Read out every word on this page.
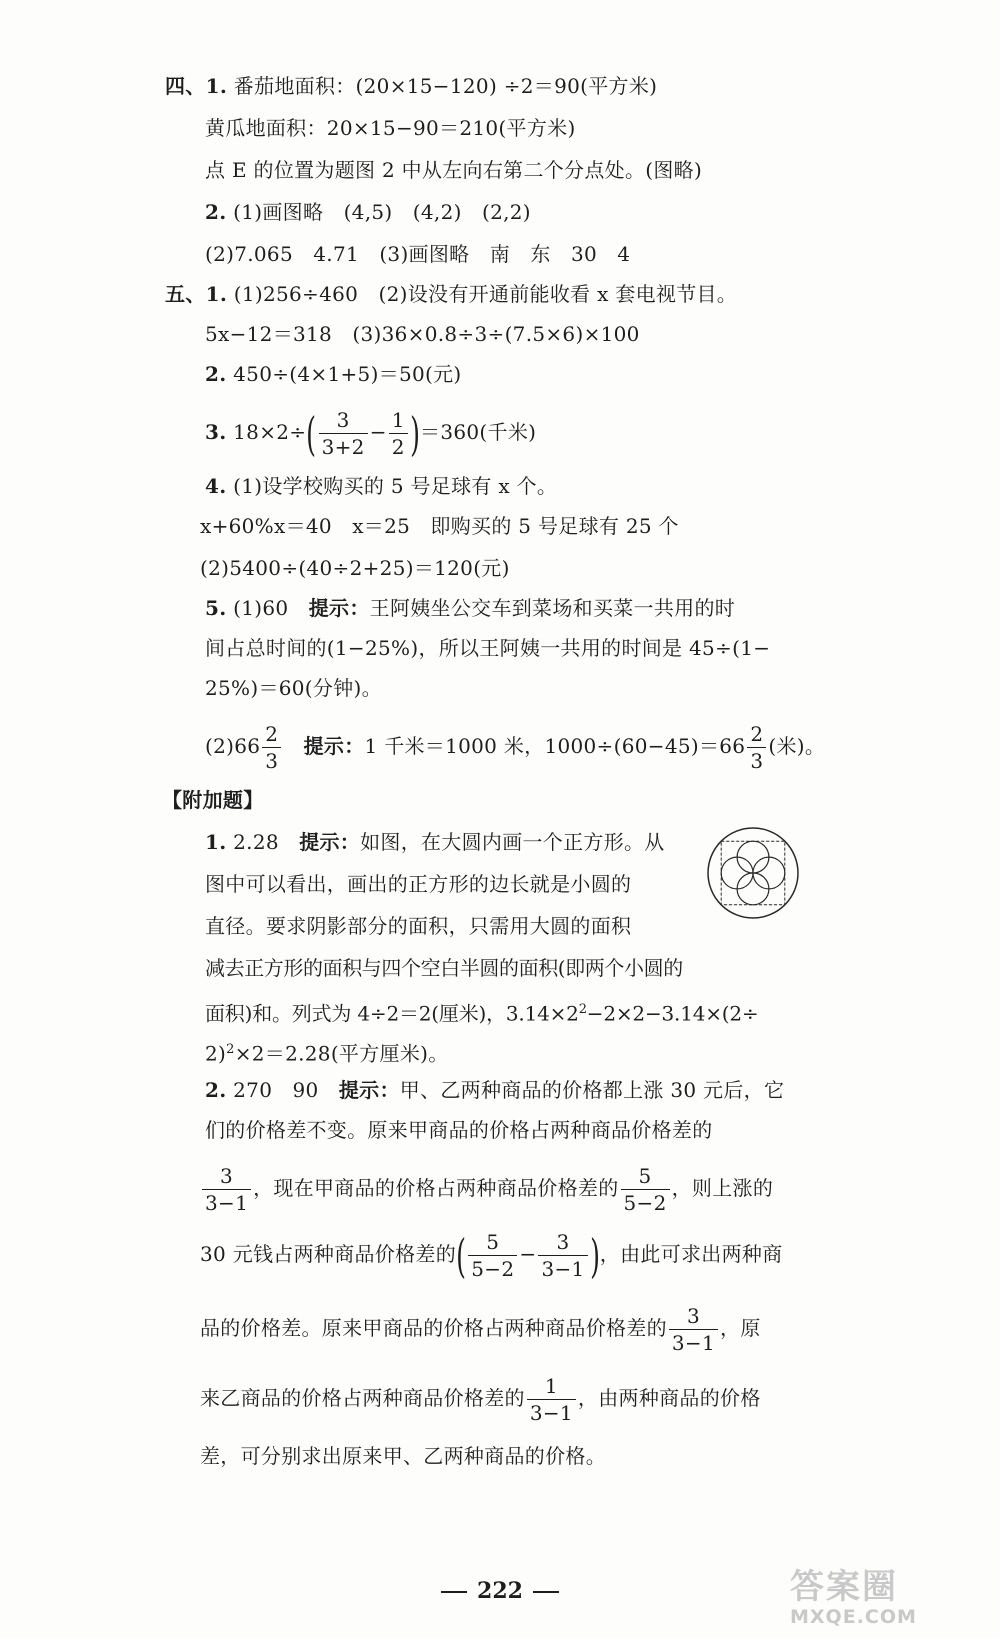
四、1. 番茄地面积：(20×15−120) ÷2＝90(平方米)
黄瓜地面积：20×15−90＝210(平方米)
点 E 的位置为题图 2 中从左向右第二个分点处。(图略)
2. (1)画图略　(4,5)　(4,2)　(2,2)
(2)7.065　4.71　(3)画图略　南　东　30　4
五、1. (1)256÷460　(2)设没有开通前能收看 x 套电视节目。
5x−12＝318　(3)36×0.8÷3÷(7.5×6)×100
2. 450÷(4×1+5)＝50(元)
3. $18\times 2\div( \frac{3}{3+2} - \frac{1}{2} )=360$(千米)
4. (1)设学校购买的 5 号足球有 x 个。
x+60%x＝40　x＝25　即购买的 5 号足球有 25 个
(2)5400÷(40÷2+25)＝120(元)
5. (1)60　提示：王阿姨坐公交车到菜场和买菜一共用的时
间占总时间的(1−25%)，所以王阿姨一共用的时间是 45÷(1−
25%)＝60(分钟)。
$(2)66 \frac{2}{3}$ 　提示：1 千米＝1000 米，$1000\div(60-45)=66 \frac{2}{3}$ (米)。
【附加题】
1. 2.28　提示：如图，在大圆内画一个正方形。从
图中可以看出，画出的正方形的边长就是小圆的
直径。要求阴影部分的面积，只需用大圆的面积
减去正方形的面积与四个空白半圆的面积(即两个小圆的
面积)和。列式为 4÷2＝2(厘米)，$3.14\times 2^2-2\times 2-3.14\times(2\div$
2)$^2$×2＝2.28(平方厘米)。
2. 270　90　提示：甲、乙两种商品的价格都上涨 30 元后，它
们的价格差不变。原来甲商品的价格占两种商品价格差的
$\frac{3}{3-1}$ ，现在甲商品的价格占两种商品价格差的 $\frac{5}{5-2}$ ，则上涨的
30 元钱占两种商品价格差的( $\frac{5}{5-2} - \frac{3}{3-1}$ )，由此可求出两种商
品的价格差。原来甲商品的价格占两种商品价格差的 $\frac{3}{3-1}$ ，原
来乙商品的价格占两种商品价格差的 $\frac{1}{3-1}$ ，由两种商品的价格
差，可分别求出原来甲、乙两种商品的价格。
222	答案圈
MXQE.COM
